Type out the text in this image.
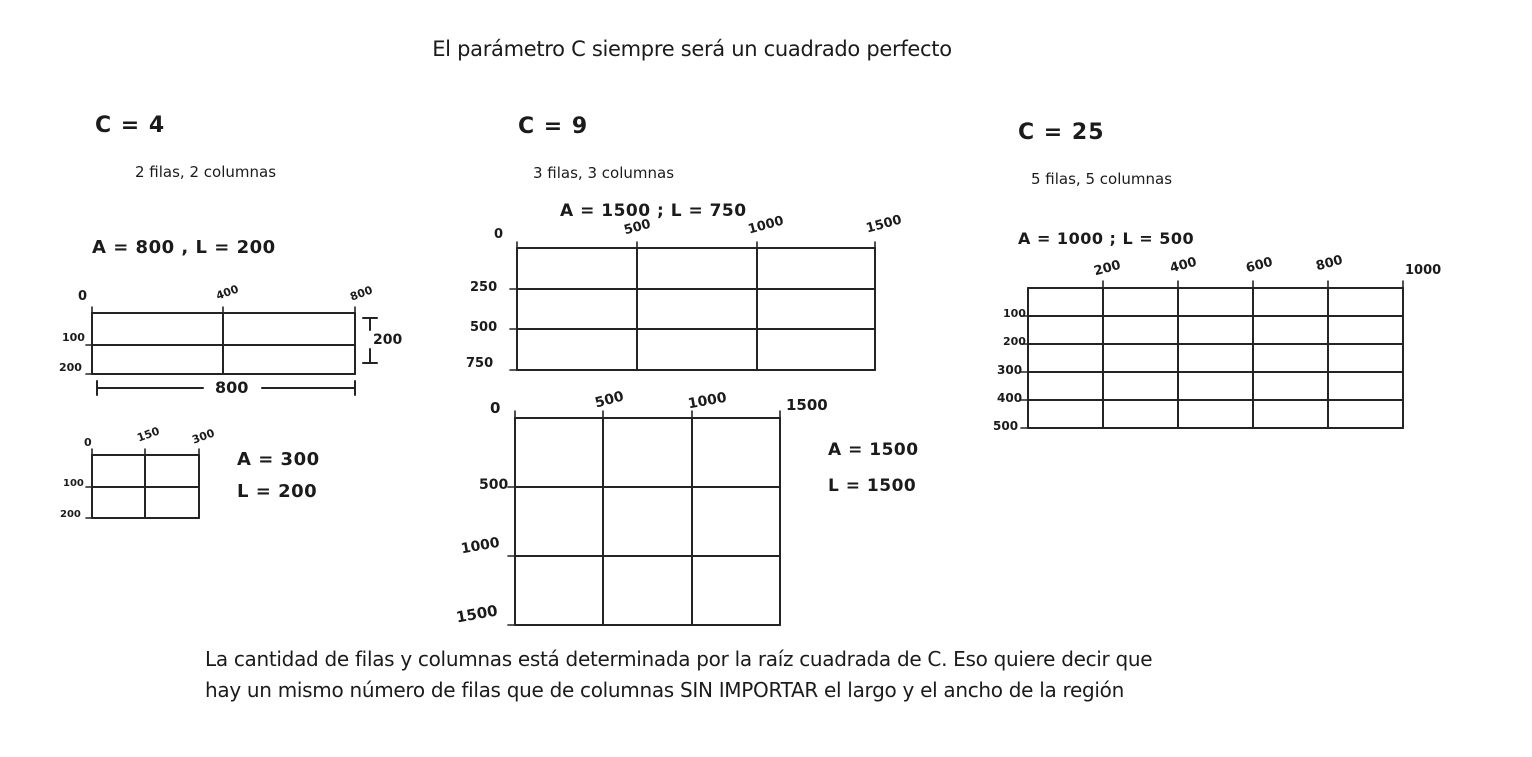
El parámetro C siempre será un cuadrado perfecto
C = 4
2 filas, 2 columnas
A = 800 , L = 200
0	400	800
100
200
800
200
0	150	300
100
200
A = 300
L = 200
C = 9
3 filas, 3 columnas
A = 1500 ; L = 750
0	500	1000	1500
250
500
750
0	500	1000	1500
500
1000
1500
A = 1500
L = 1500
C = 25
5 filas, 5 columnas
A = 1000 ; L = 500
200	400	600	800	1000
100
200
300
400
500
La cantidad de filas y columnas está determinada por la raíz cuadrada de C. Eso quiere decir que
hay un mismo número de filas que de columnas SIN IMPORTAR el largo y el ancho de la región
